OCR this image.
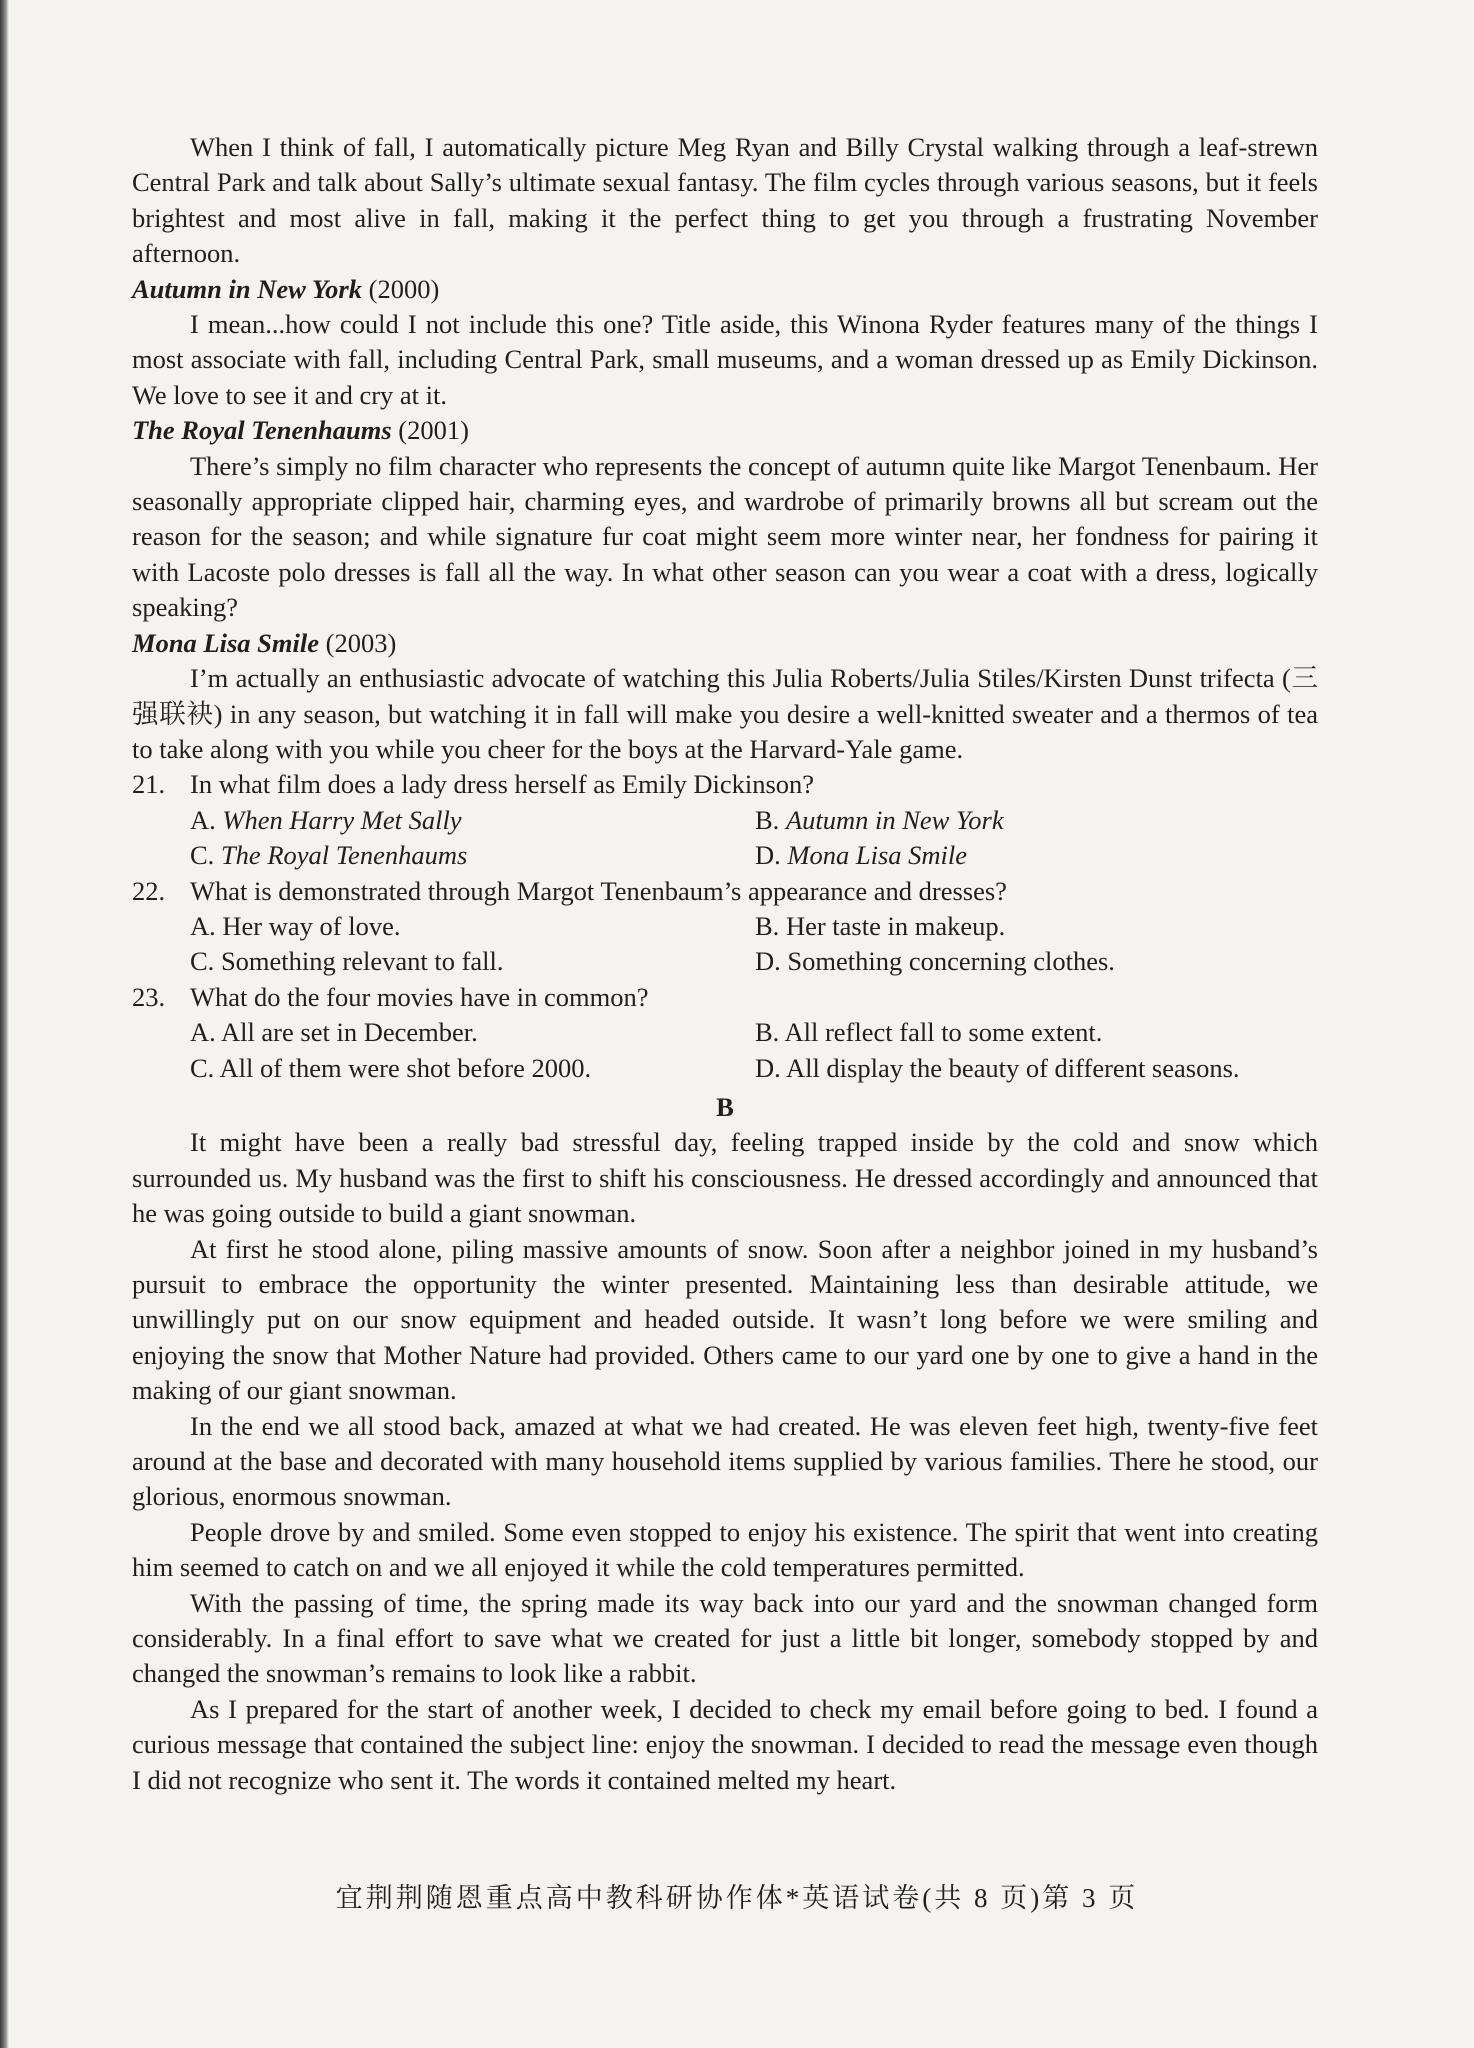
When I think of fall, I automatically picture Meg Ryan and Billy Crystal walking through a leaf-strewn Central Park and talk about Sally’s ultimate sexual fantasy. The film cycles through various seasons, but it feels brightest and most alive in fall, making it the perfect thing to get you through a frustrating November afternoon.

Autumn in New York (2000)

I mean...how could I not include this one? Title aside, this Winona Ryder features many of the things I most associate with fall, including Central Park, small museums, and a woman dressed up as Emily Dickinson. We love to see it and cry at it.

The Royal Tenenhaums (2001)

There’s simply no film character who represents the concept of autumn quite like Margot Tenenbaum. Her seasonally appropriate clipped hair, charming eyes, and wardrobe of primarily browns all but scream out the reason for the season; and while signature fur coat might seem more winter near, her fondness for pairing it with Lacoste polo dresses is fall all the way. In what other season can you wear a coat with a dress, logically speaking?

Mona Lisa Smile (2003)

I’m actually an enthusiastic advocate of watching this Julia Roberts/Julia Stiles/Kirsten Dunst trifecta (三强联袂) in any season, but watching it in fall will make you desire a well-knitted sweater and a thermos of tea to take along with you while you cheer for the boys at the Harvard-Yale game.

21. In what film does a lady dress herself as Emily Dickinson?
A. When Harry Met Sally	B. Autumn in New York
C. The Royal Tenenhaums	D. Mona Lisa Smile
22. What is demonstrated through Margot Tenenbaum’s appearance and dresses?
A. Her way of love.	B. Her taste in makeup.
C. Something relevant to fall.	D. Something concerning clothes.
23. What do the four movies have in common?
A. All are set in December.	B. All reflect fall to some extent.
C. All of them were shot before 2000.	D. All display the beauty of different seasons.
B

It might have been a really bad stressful day, feeling trapped inside by the cold and snow which surrounded us. My husband was the first to shift his consciousness. He dressed accordingly and announced that he was going outside to build a giant snowman.

At first he stood alone, piling massive amounts of snow. Soon after a neighbor joined in my husband’s pursuit to embrace the opportunity the winter presented. Maintaining less than desirable attitude, we unwillingly put on our snow equipment and headed outside. It wasn’t long before we were smiling and enjoying the snow that Mother Nature had provided. Others came to our yard one by one to give a hand in the making of our giant snowman.

In the end we all stood back, amazed at what we had created. He was eleven feet high, twenty-five feet around at the base and decorated with many household items supplied by various families. There he stood, our glorious, enormous snowman.

People drove by and smiled. Some even stopped to enjoy his existence. The spirit that went into creating him seemed to catch on and we all enjoyed it while the cold temperatures permitted.

With the passing of time, the spring made its way back into our yard and the snowman changed form considerably. In a final effort to save what we created for just a little bit longer, somebody stopped by and changed the snowman’s remains to look like a rabbit.

As I prepared for the start of another week, I decided to check my email before going to bed. I found a curious message that contained the subject line: enjoy the snowman. I decided to read the message even though I did not recognize who sent it. The words it contained melted my heart.

宜荆荆随恩重点高中教科研协作体*英语试卷(共 8 页)第 3 页
